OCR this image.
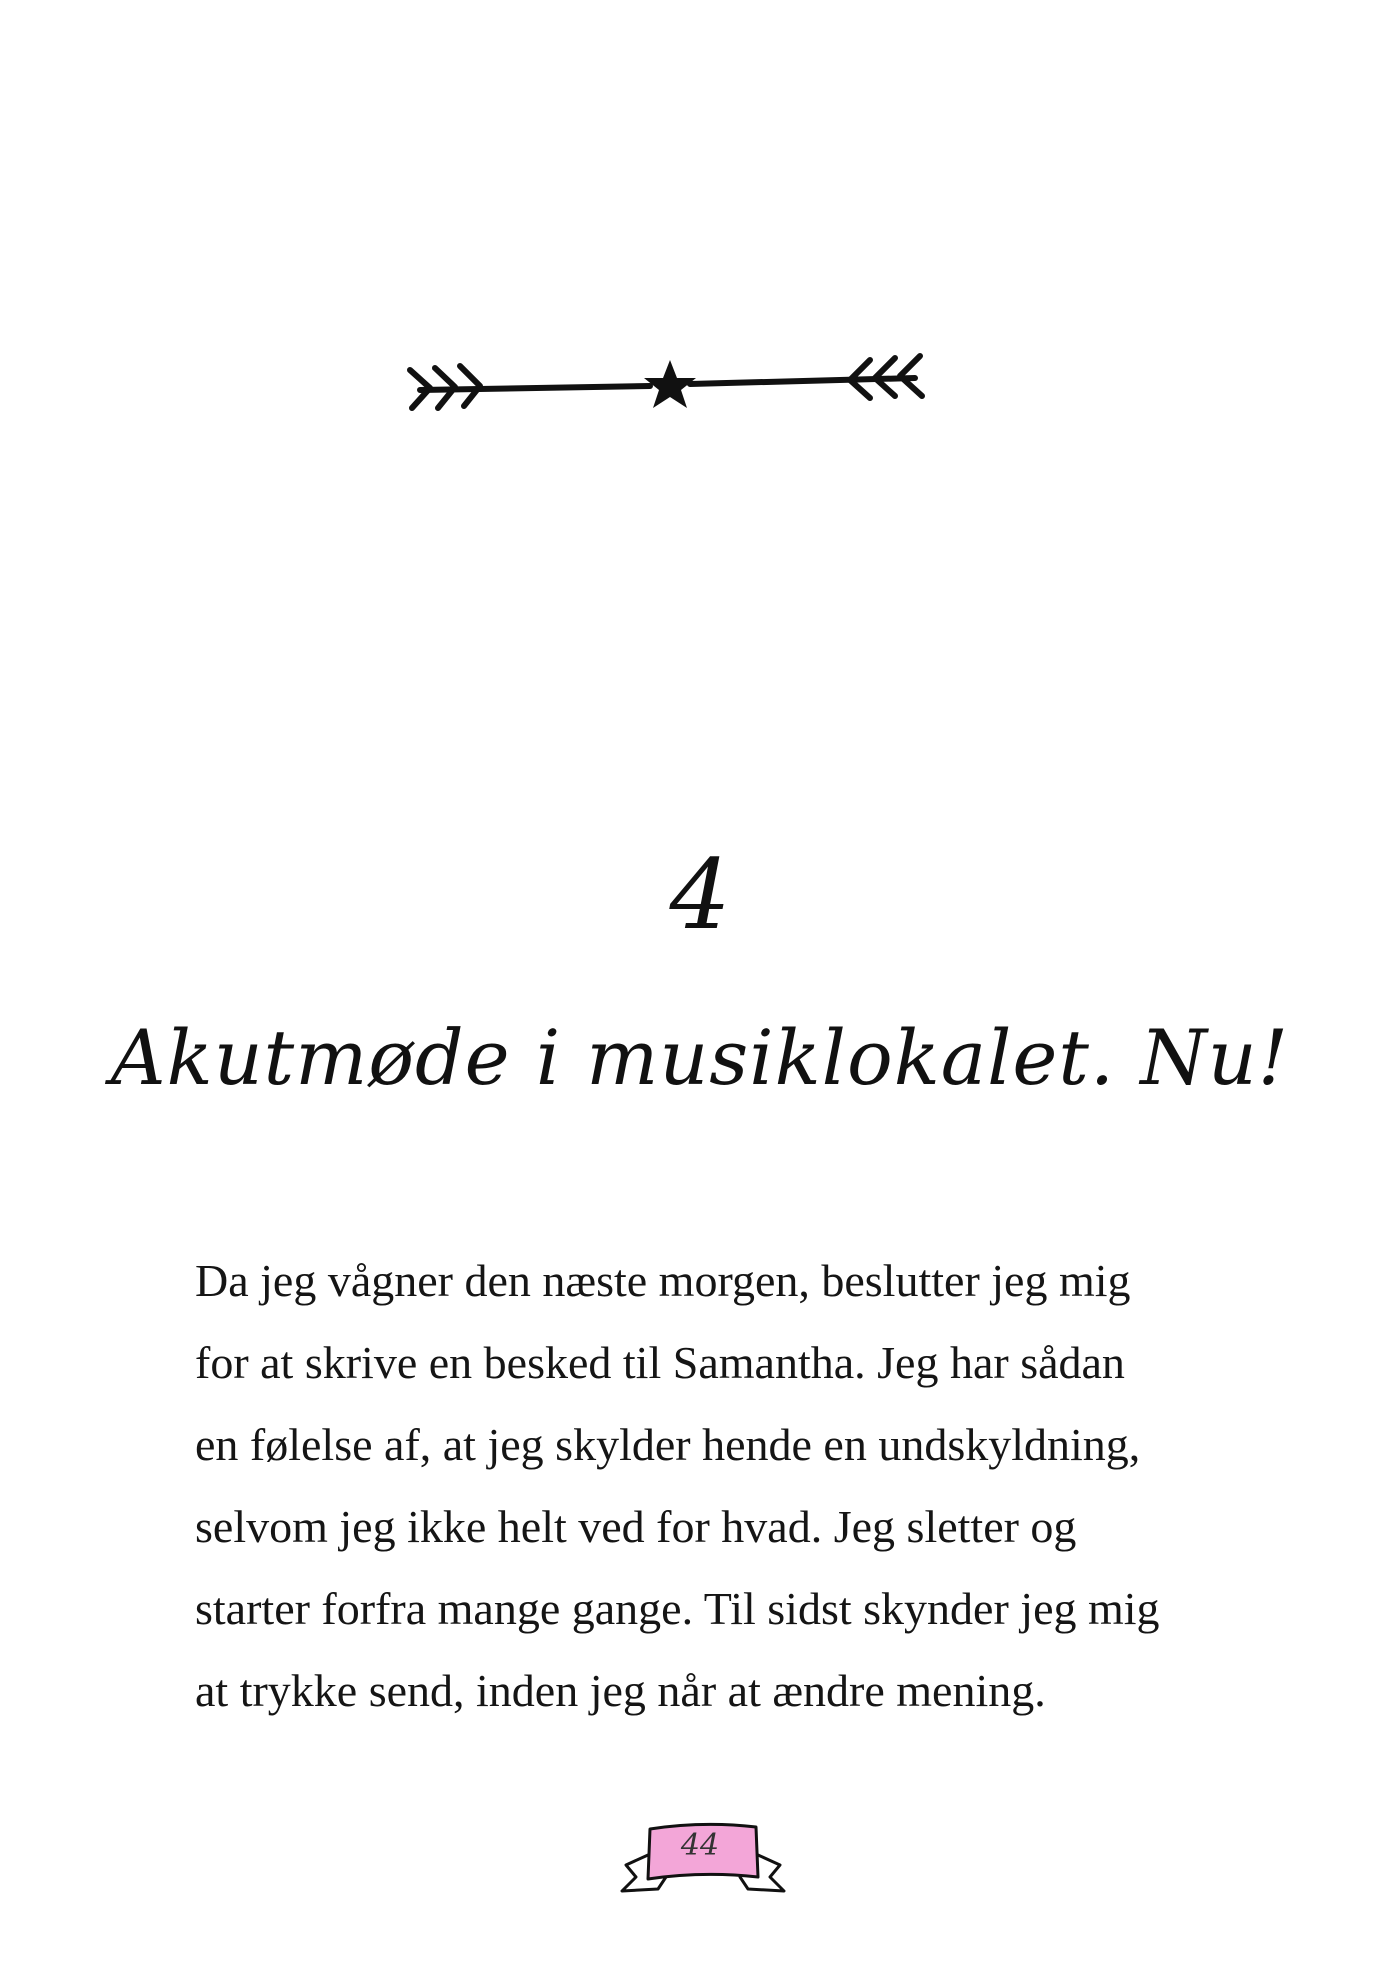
4
Akutmøde i musiklokalet. Nu!
Da jeg vågner den næste morgen, beslutter jeg mig
for at skrive en besked til Samantha. Jeg har sådan
en følelse af, at jeg skylder hende en undskyldning,
selvom jeg ikke helt ved for hvad. Jeg sletter og
starter forfra mange gange. Til sidst skynder jeg mig
at trykke send, inden jeg når at ændre mening.
44
